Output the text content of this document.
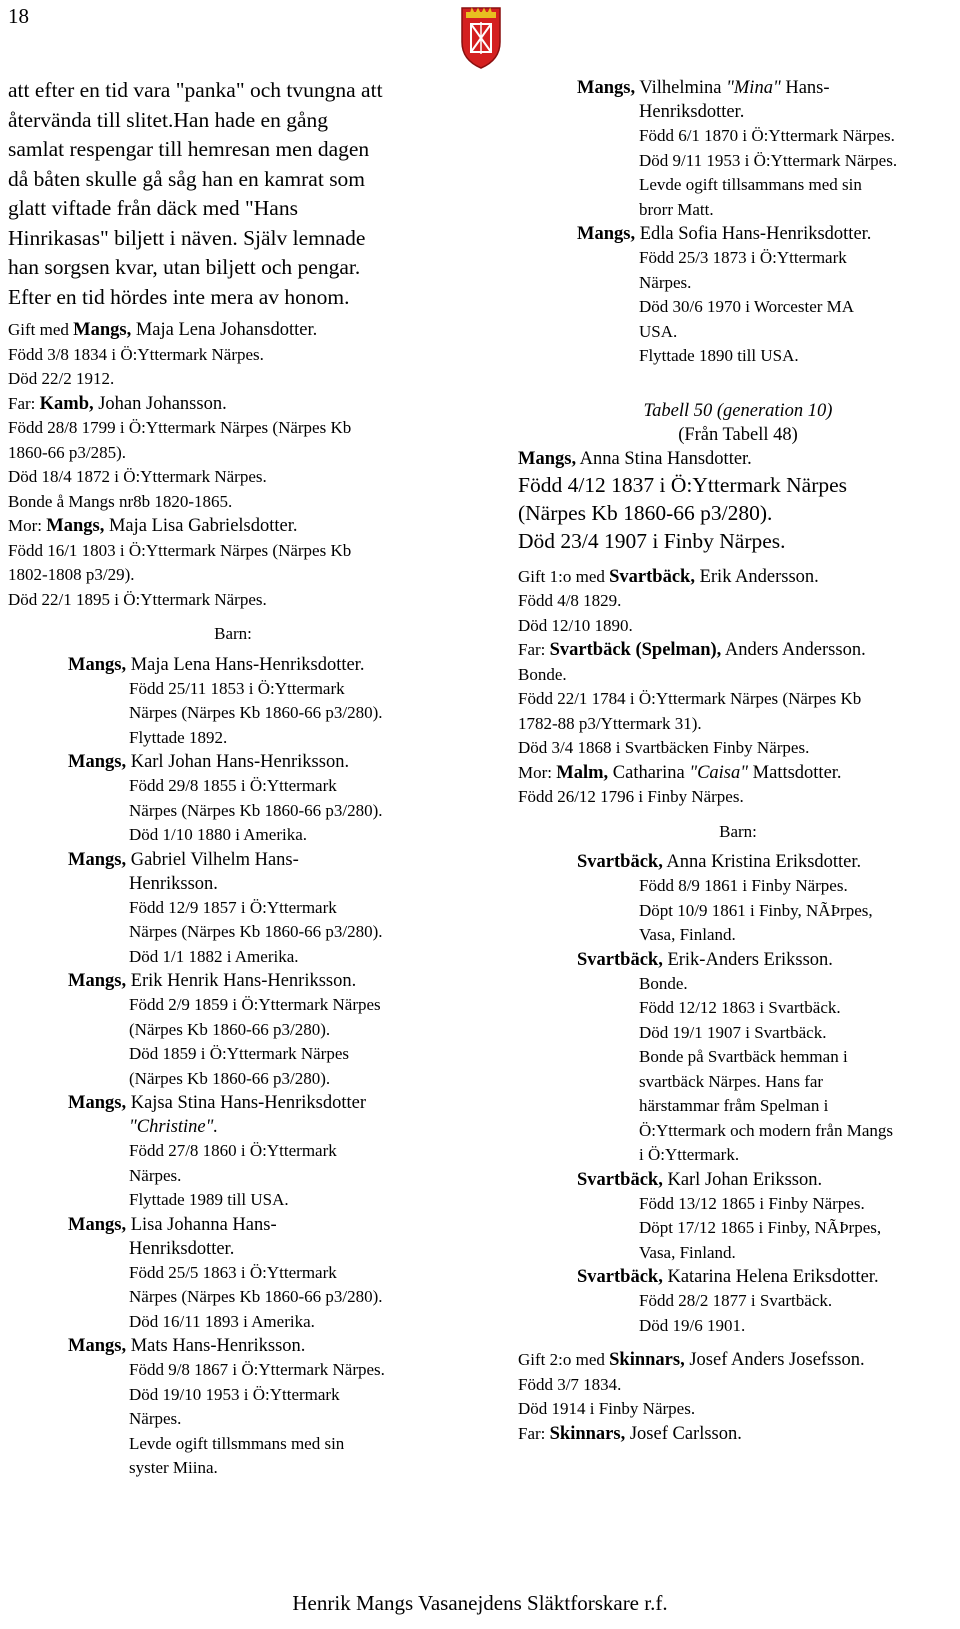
18
att efter en tid vara "panka" och tvungna att
återvända till slitet.Han hade en gång
samlat respengar till hemresan men dagen
då båten skulle gå såg han en kamrat som
glatt viftade från däck med "Hans
Hinrikasas" biljett i näven. Själv lemnade
han sorgsen kvar, utan biljett och pengar.
Efter en tid hördes inte mera av honom.
Gift med Mangs, Maja Lena Johansdotter.
Född 3/8 1834 i Ö:Yttermark Närpes.
Död 22/2 1912.
Far: Kamb, Johan Johansson.
Född 28/8 1799 i Ö:Yttermark Närpes (Närpes Kb
1860-66 p3/285).
Död 18/4 1872 i Ö:Yttermark Närpes.
Bonde å Mangs nr8b 1820-1865.
Mor: Mangs, Maja Lisa Gabrielsdotter.
Född 16/1 1803 i Ö:Yttermark Närpes (Närpes Kb
1802-1808 p3/29).
Död 22/1 1895 i Ö:Yttermark Närpes.
Barn:
Mangs, Maja Lena Hans-Henriksdotter.
Född 25/11 1853 i Ö:Yttermark
Närpes (Närpes Kb 1860-66 p3/280).
Flyttade 1892.
Mangs, Karl Johan Hans-Henriksson.
Född 29/8 1855 i Ö:Yttermark
Närpes (Närpes Kb 1860-66 p3/280).
Död 1/10 1880 i Amerika.
Mangs, Gabriel Vilhelm Hans-
Henriksson.
Född 12/9 1857 i Ö:Yttermark
Närpes (Närpes Kb 1860-66 p3/280).
Död 1/1 1882 i Amerika.
Mangs, Erik Henrik Hans-Henriksson.
Född 2/9 1859 i Ö:Yttermark Närpes
(Närpes Kb 1860-66 p3/280).
Död 1859 i Ö:Yttermark Närpes
(Närpes Kb 1860-66 p3/280).
Mangs, Kajsa Stina Hans-Henriksdotter
"Christine".
Född 27/8 1860 i Ö:Yttermark
Närpes.
Flyttade 1989 till USA.
Mangs, Lisa Johanna Hans-
Henriksdotter.
Född 25/5 1863 i Ö:Yttermark
Närpes (Närpes Kb 1860-66 p3/280).
Död 16/11 1893 i Amerika.
Mangs, Mats Hans-Henriksson.
Född 9/8 1867 i Ö:Yttermark Närpes.
Död 19/10 1953 i Ö:Yttermark
Närpes.
Levde ogift tillsmmans med sin
syster Miina.
Mangs, Vilhelmina "Mina" Hans-
Henriksdotter.
Född 6/1 1870 i Ö:Yttermark Närpes.
Död 9/11 1953 i Ö:Yttermark Närpes.
Levde ogift tillsammans med sin
brorr Matt.
Mangs, Edla Sofia Hans-Henriksdotter.
Född 25/3 1873 i Ö:Yttermark
Närpes.
Död 30/6 1970 i Worcester MA
USA.
Flyttade 1890 till USA.
Tabell 50 (generation 10)
(Från Tabell 48)
Mangs, Anna Stina Hansdotter.
Född 4/12 1837 i Ö:Yttermark Närpes
(Närpes Kb 1860-66 p3/280).
Död 23/4 1907 i Finby Närpes.
Gift 1:o med Svartbäck, Erik Andersson.
Född 4/8 1829.
Död 12/10 1890.
Far: Svartbäck (Spelman), Anders Andersson.
Bonde.
Född 22/1 1784 i Ö:Yttermark Närpes (Närpes Kb
1782-88 p3/Yttermark 31).
Död 3/4 1868 i Svartbäcken Finby Närpes.
Mor: Malm, Catharina "Caisa" Mattsdotter.
Född 26/12 1796 i Finby Närpes.
Barn:
Svartbäck, Anna Kristina Eriksdotter.
Född 8/9 1861 i Finby Närpes.
Döpt 10/9 1861 i Finby, NÃÞrpes,
Vasa, Finland.
Svartbäck, Erik-Anders Eriksson.
Bonde.
Född 12/12 1863 i Svartbäck.
Död 19/1 1907 i Svartbäck.
Bonde på Svartbäck hemman i
svartbäck Närpes. Hans far
härstammar fråm Spelman i
Ö:Yttermark och modern från Mangs
i Ö:Yttermark.
Svartbäck, Karl Johan Eriksson.
Född 13/12 1865 i Finby Närpes.
Döpt 17/12 1865 i Finby, NÃÞrpes,
Vasa, Finland.
Svartbäck, Katarina Helena Eriksdotter.
Född 28/2 1877 i Svartbäck.
Död 19/6 1901.
Gift 2:o med Skinnars, Josef Anders Josefsson.
Född 3/7 1834.
Död 1914 i Finby Närpes.
Far: Skinnars, Josef Carlsson.
Henrik Mangs Vasanejdens Släktforskare r.f.
